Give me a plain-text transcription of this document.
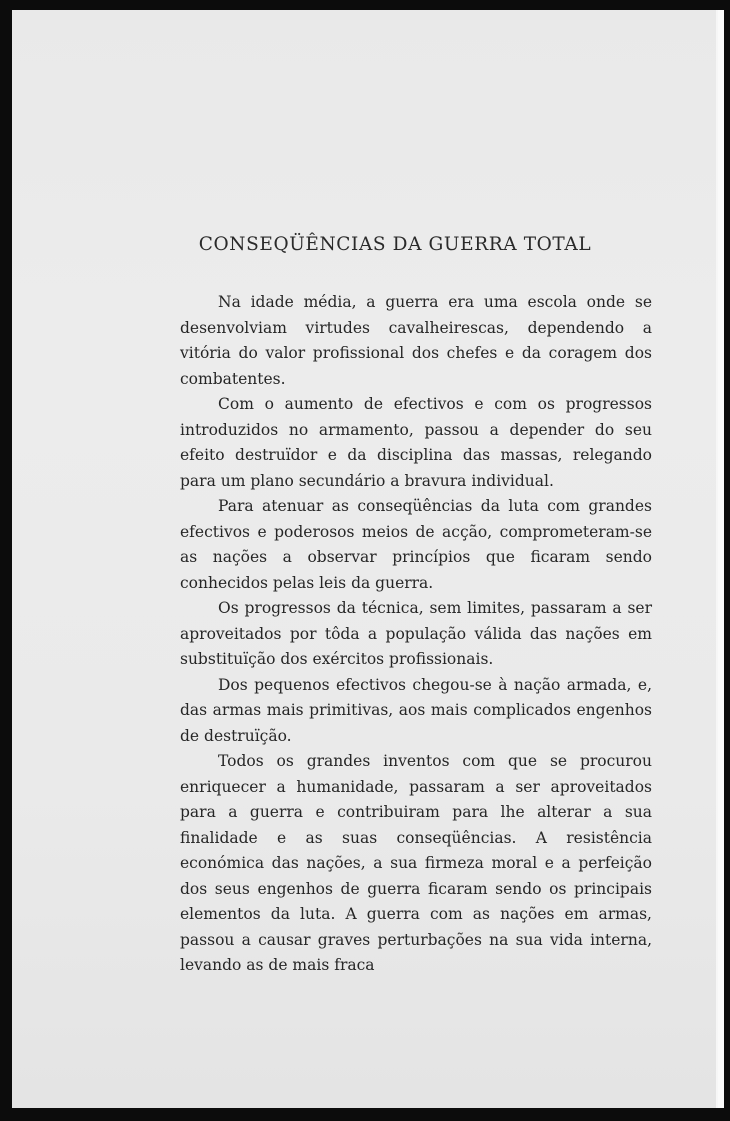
CONSEQÜÊNCIAS DA GUERRA TOTAL

Na idade média, a guerra era uma escola onde se desenvolviam virtudes cavalheirescas, dependendo a vitória do valor profissional dos chefes e da coragem dos combatentes.

Com o aumento de efectivos e com os progressos introduzidos no armamento, passou a depender do seu efeito destruïdor e da disciplina das massas, relegando para um plano secundário a bravura individual.

Para atenuar as conseqüências da luta com grandes efectivos e poderosos meios de acção, comprometeram-se as nações a observar princípios que ficaram sendo conhecidos pelas leis da guerra.

Os progressos da técnica, sem limites, passaram a ser aproveitados por tôda a população válida das nações em substituïção dos exércitos profissionais.

Dos pequenos efectivos chegou-se à nação armada, e, das armas mais primitivas, aos mais complicados engenhos de destruïção.

Todos os grandes inventos com que se procurou enriquecer a humanidade, passaram a ser aproveitados para a guerra e contribuiram para lhe alterar a sua finalidade e as suas conseqüências. A resistência económica das nações, a sua firmeza moral e a perfeição dos seus engenhos de guerra ficaram sendo os principais elementos da luta. A guerra com as nações em armas, passou a causar graves perturbações na sua vida interna, levando as de mais fraca
